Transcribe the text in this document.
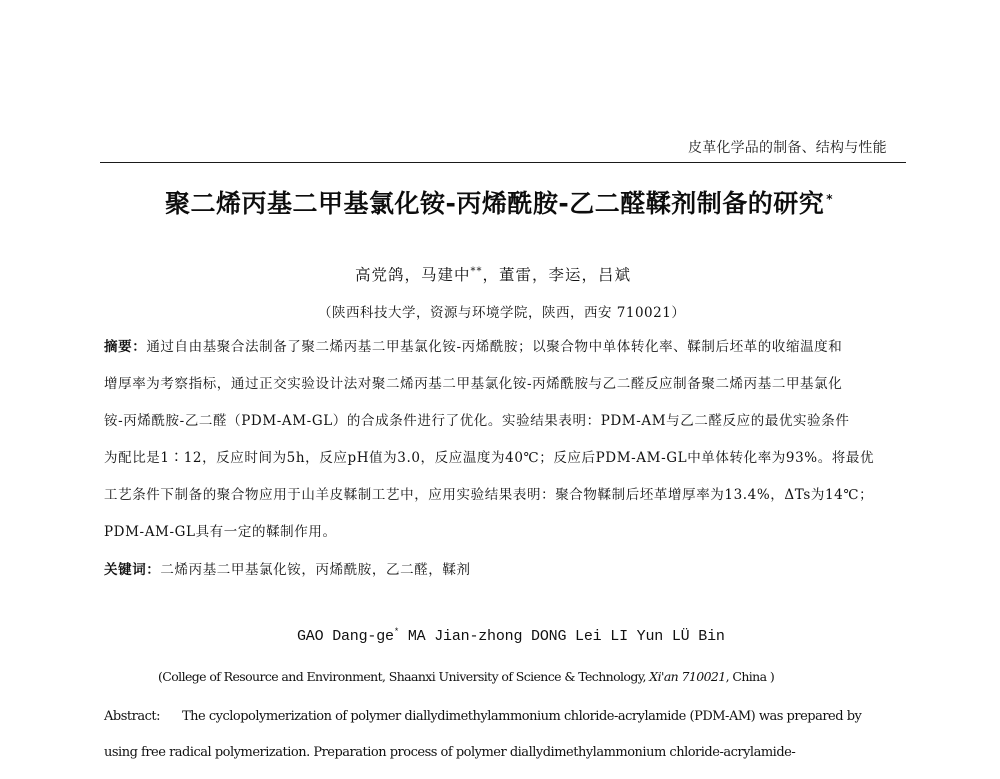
皮革化学品的制备、结构与性能
聚二烯丙基二甲基氯化铵-丙烯酰胺-乙二醛鞣剂制备的研究 *
高党鸽，马建中**，董雷，李运，吕斌
（陕西科技大学，资源与环境学院，陕西，西安 710021）
摘要：通过自由基聚合法制备了聚二烯丙基二甲基氯化铵-丙烯酰胺；以聚合物中单体转化率、鞣制后坯革的收缩温度和
增厚率为考察指标，通过正交实验设计法对聚二烯丙基二甲基氯化铵-丙烯酰胺与乙二醛反应制备聚二烯丙基二甲基氯化
铵-丙烯酰胺-乙二醛（PDM-AM-GL）的合成条件进行了优化。实验结果表明：PDM-AM与乙二醛反应的最优实验条件
为配比是1∶12，反应时间为5h，反应pH值为3.0，反应温度为40℃；反应后PDM-AM-GL中单体转化率为93%。将最优
工艺条件下制备的聚合物应用于山羊皮鞣制工艺中，应用实验结果表明：聚合物鞣制后坯革增厚率为13.4%，ΔTs为14℃；
PDM-AM-GL具有一定的鞣制作用。
关键词：二烯丙基二甲基氯化铵，丙烯酰胺，乙二醛，鞣剂
GAO Dang-ge* MA Jian-zhong DONG Lei LI Yun LÜ Bin
(College of Resource and Environment, Shaanxi University of Science & Technology, Xi'an 710021, China )
Abstract: The cyclopolymerization of polymer diallydimethylammonium chloride-acrylamide (PDM-AM) was prepared by
using free radical polymerization. Preparation process of polymer diallydimethylammonium chloride-acrylamide-
